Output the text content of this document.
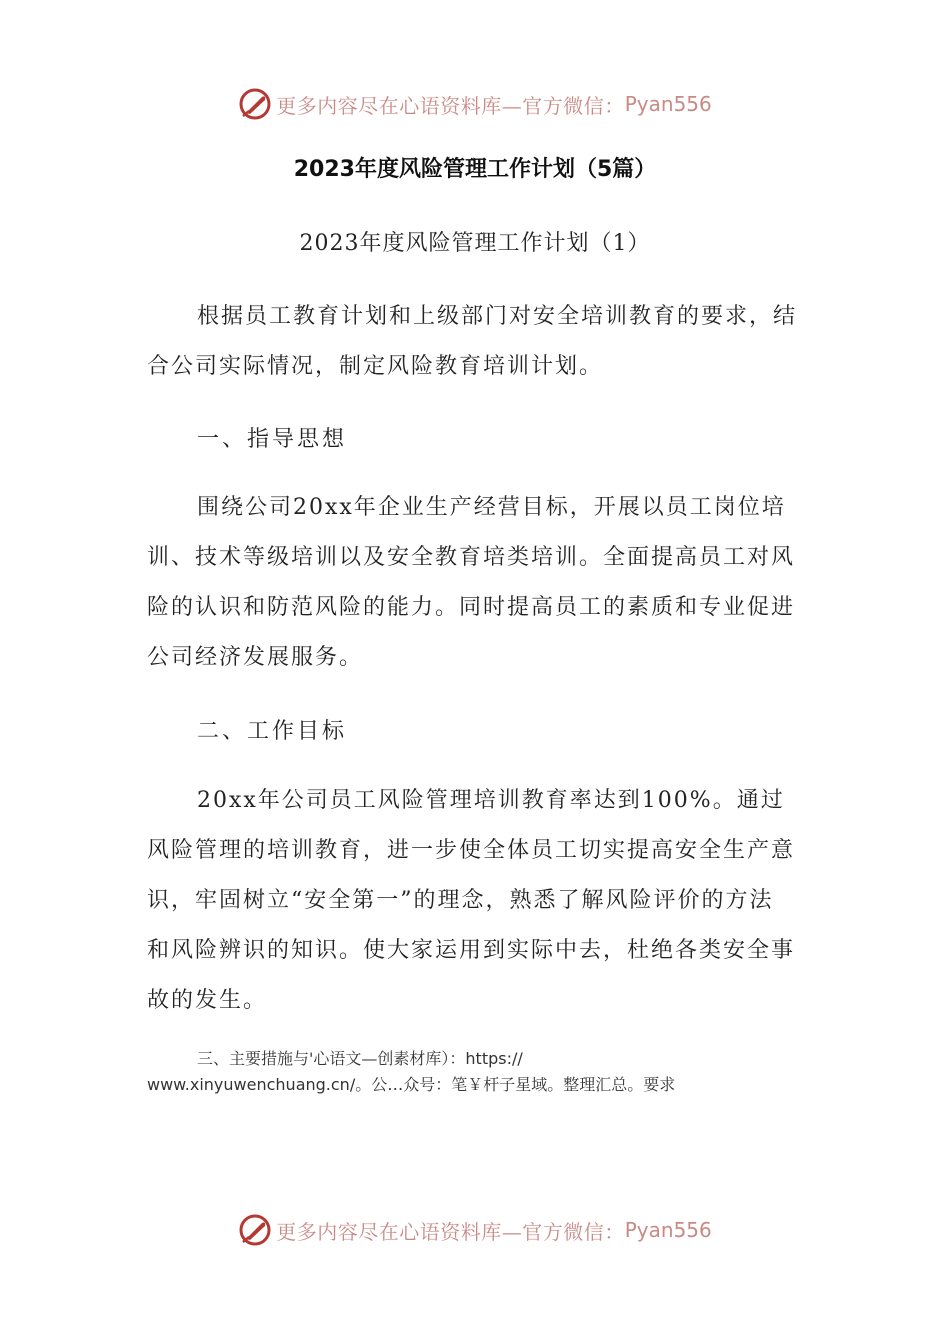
更多内容尽在心语资料库—官方微信： Pyan556
2023年度风险管理工作计划（5篇）
2023年度风险管理工作计划（1）

根据员工教育计划和上级部门对安全培训教育的要求，结合公司实际情况，制定风险教育培训计划。

一、指导思想

围绕公司20xx年企业生产经营目标，开展以员工岗位培训、技术等级培训以及安全教育培类培训。全面提高员工对风险的认识和防范风险的能力。同时提高员工的素质和专业促进公司经济发展服务。

二、工作目标

20xx年公司员工风险管理培训教育率达到100%。通过风险管理的培训教育，进一步使全体员工切实提高安全生产意识，牢固树立“安全第一”的理念，熟悉了解风险评价的方法和风险辨识的知识。使大家运用到实际中去，杜绝各类安全事故的发生。

三、主要措施与'心语文—创素材库）：https://
www.xinyuwenchuang.cn/。公…众号：笔￥杆子星域。整理汇总。要求

更多内容尽在心语资料库—官方微信： Pyan556
